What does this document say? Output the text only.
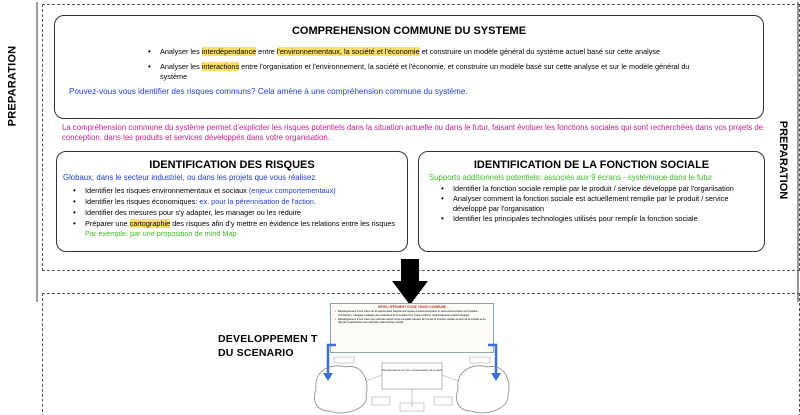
PREPARATION
PREPARATION
COMPREHENSION COMMUNE DU SYSTEME
• Analyser les interdépendance entre l'environnementaux, la société et l'économie et construire un modèle général du système actuel basé sur cette analyse
• Analyser les interactions entre l'organisation et l'environnement, la société et l'économie, et construire un modèle basé sur cette analyse et sur le modèle général du système
Pouvez-vous vous identifier des risques communs? Cela amène à une compréhension commune du système.
La compréhension commune du système permet d'expliciter les risques potentiels dans la situation actuelle ou dans le futur, faisant évoluer les fonctions sociales qui sont recherchées dans vos projets de conception, dans les produits et services développés dans votre organisation.
IDENTIFICATION DES RISQUES
Globaux, dans le secteur industriel, ou dans les projets que vous réalisez
• Identifier les risques environnementaux et sociaux (enjeux comportementaux)
• Identifier les risques économiques: ex. pour la pérennisation de l'action.
• Identifier des mesures pour s'y adapter, les manager ou les réduire
• Préparer une cartographie des risques afin d'y mettre en évidence les relations entre les risques Par exemple: par une proposition de mind Map
IDENTIFICATION DE LA FONCTION SOCIALE
Supports additionnels potentiels: associés aux 9 écrans - systémique dans le futur
• Identifier la fonction sociale remplie par le produit / service développé par l'organisation
• Analyser comment la fonction sociale est actuellement remplie par le produit / service développé par l'organisation
• Identifier les principales technologies utilisés pour remplir la fonction sociale
DEVELOPPEMEN T DU SCENARIO
DEVELOPPEMENT D'UNE VISION COMMUNE
• Développement d'une vision de la société dans laquelle les risques environnementaux et socio-économiques sont réduits / considérés / managés / adaptés aux évolutions de la société à un niveau culturel, organisationnel et technologique
• Développement d'une vision qui s'articule autour d'une nouvelle manière de remplir la fonction sociale au sein de la société et du rôle de l'organisation pour atteindre cette fonction sociale
Développement d'une cartographie de projets
